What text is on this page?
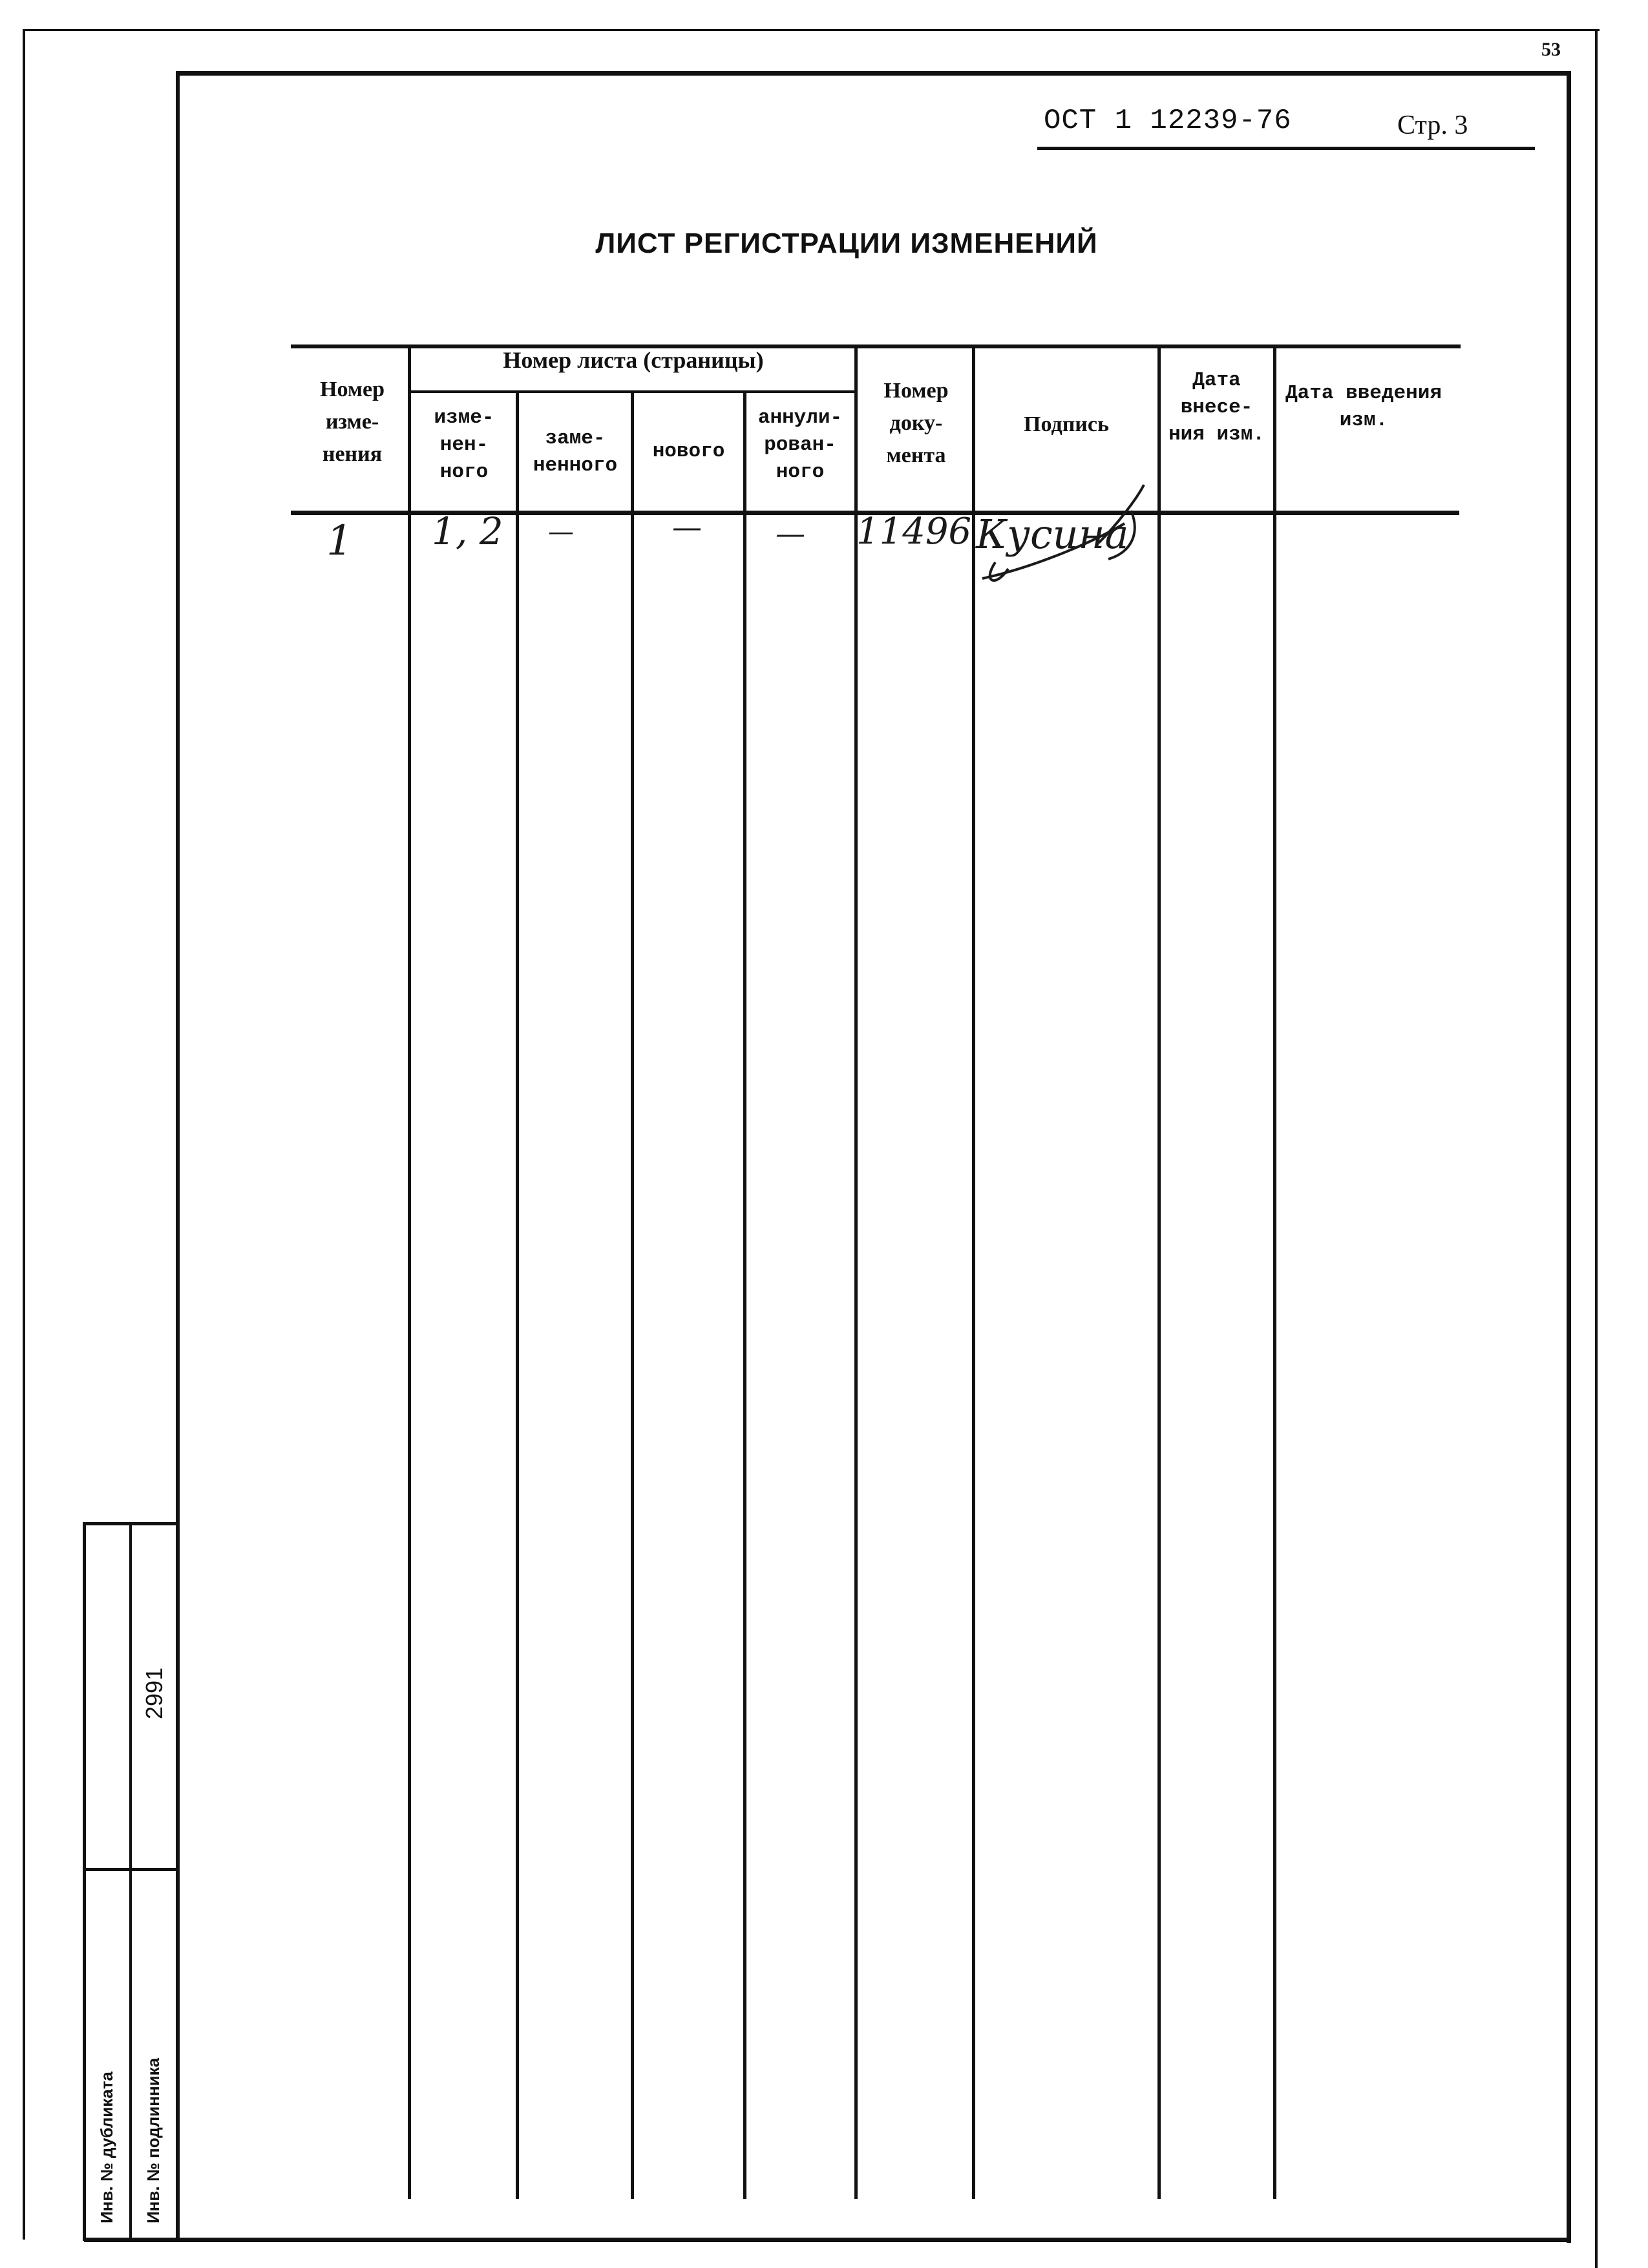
53
ОСТ 1 12239-76	Стр. 3
ЛИСТ РЕГИСТРАЦИИ ИЗМЕНЕНИЙ
Номер листа (страницы)
Номер изме- нения
изме- нен- ного
заме- ненного
нового
аннули- рован- ного
Номер доку- мента
Подпись
Дата внесе- ния изм.
Дата введения изм.
1 1, 2 —	— — 11496 Кусина
Инв. № дубликата Инв. № подлинника
2991
